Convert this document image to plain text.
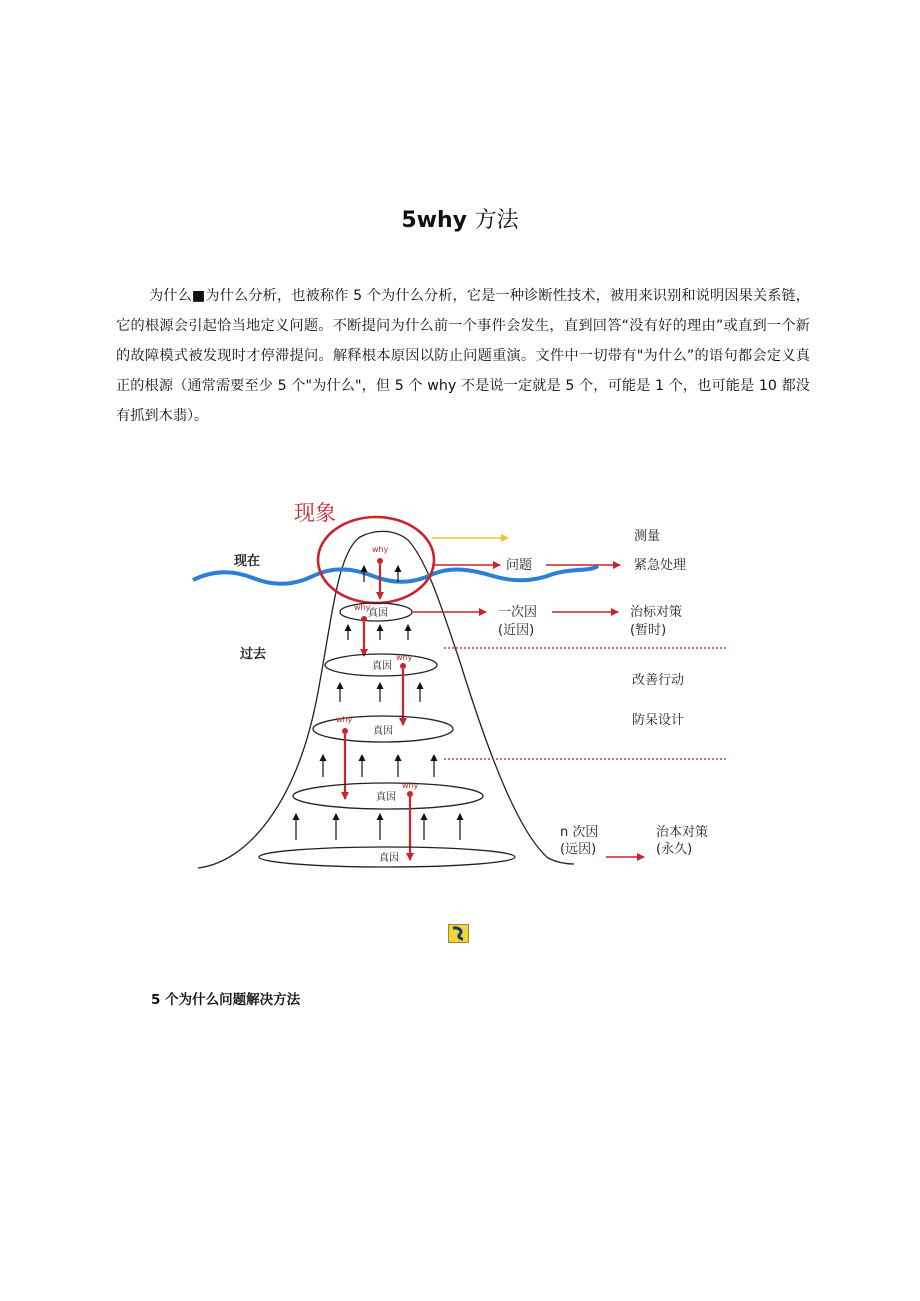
5why 方法

为什么■为什么分析，也被称作 5 个为什么分析，它是一种诊断性技术，被用来识别和说明因果关系链，它的根源会引起恰当地定义问题。不断提问为什么前一个事件会发生，直到回答“没有好的理由”或直到一个新的故障模式被发现时才停滞提问。解释根本原因以防止问题重演。文件中一切带有"为什么”的语句都会定义真正的根源（通常需要至少 5 个"为什么"，但 5 个 why 不是说一定就是 5 个，可能是 1 个，也可能是 10 都没有抓到木翡）。

现象
现在
过去
why
真因
why
真因
why
真因
why
真因
why
真因
测量
问题	紧急处理
一次因
(近因)
治标对策
(暂时)
改善行动
防呆设计
n 次因
(远因)
治本对策
(永久)
5 个为什么问题解决方法
